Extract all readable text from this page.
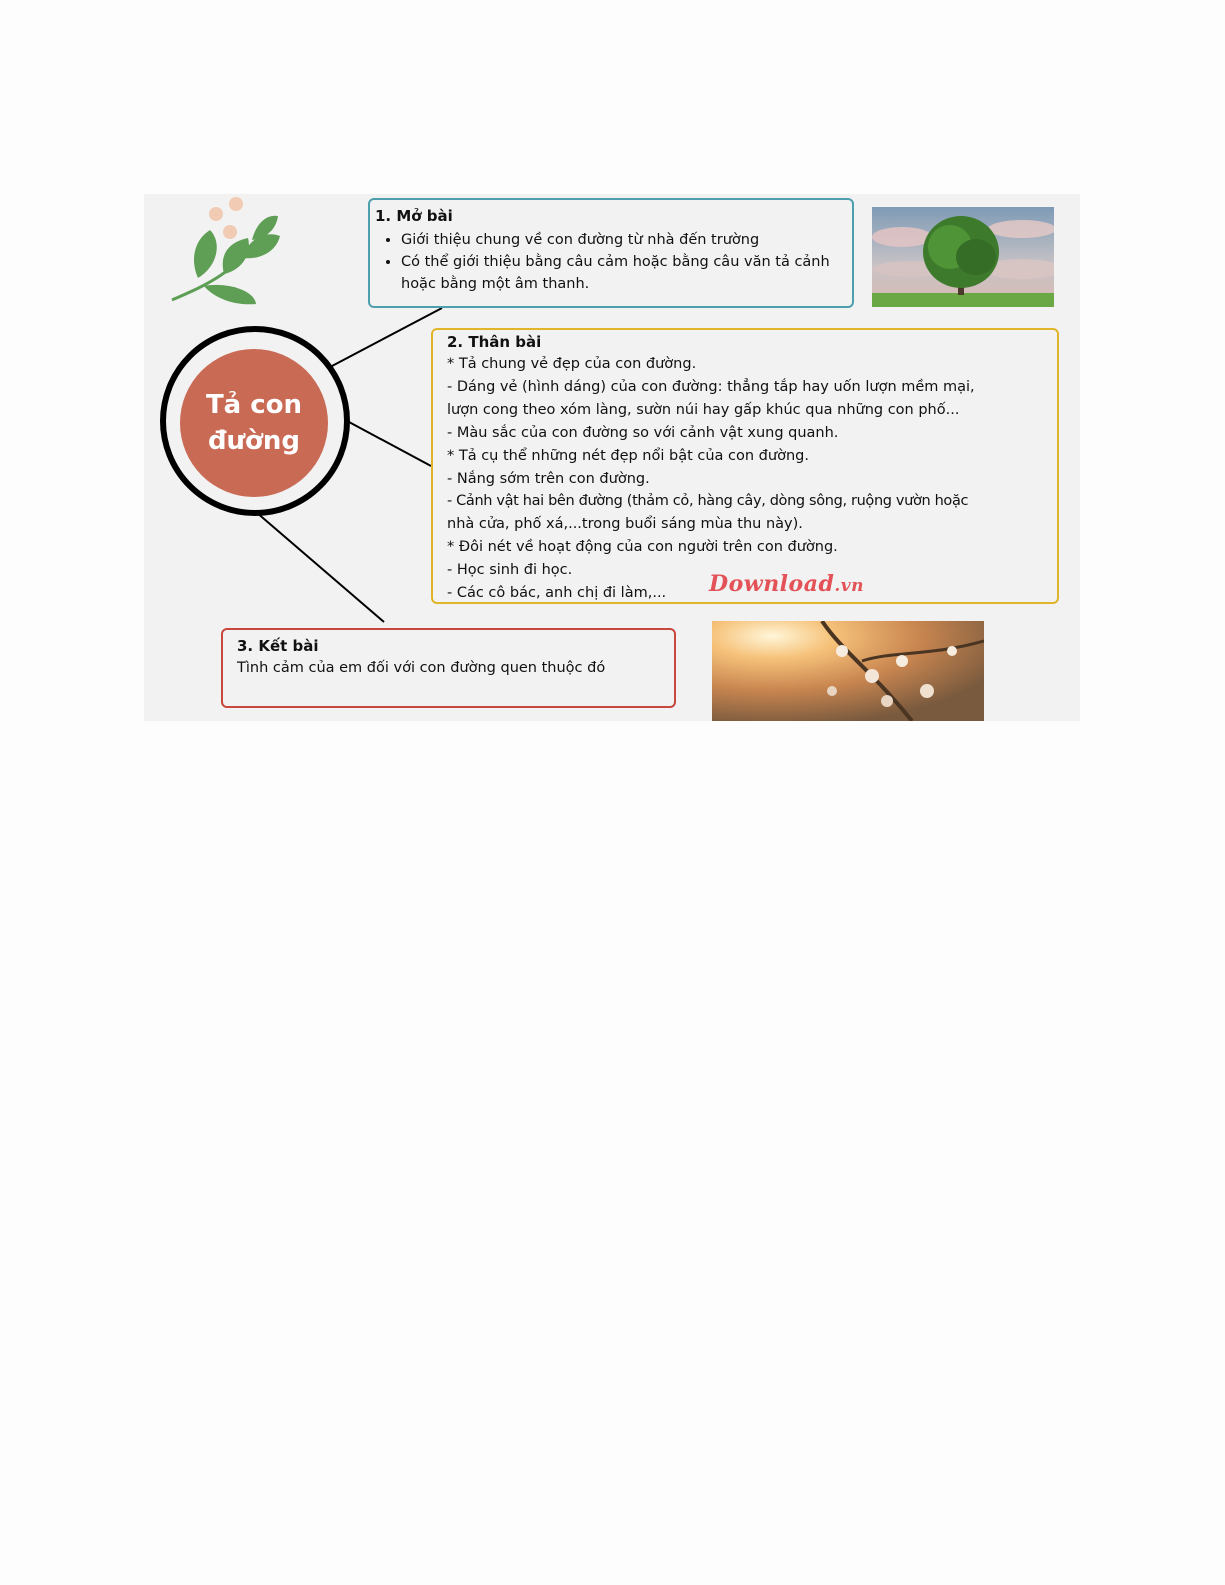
1. Mở bài
• Giới thiệu chung về con đường từ nhà đến trường
• Có thể giới thiệu bằng câu cảm hoặc bằng câu văn tả cảnh hoặc bằng một âm thanh.
Tả con đường
2. Thân bài

* Tả chung vẻ đẹp của con đường.

- Dáng vẻ (hình dáng) của con đường: thẳng tắp hay uốn lượn mềm mại,

lượn cong theo xóm làng, sườn núi hay gấp khúc qua những con phố...

- Màu sắc của con đường so với cảnh vật xung quanh.

* Tả cụ thể những nét đẹp nổi bật của con đường.

- Nắng sớm trên con đường.

- Cảnh vật hai bên đường (thảm cỏ, hàng cây, dòng sông, ruộng vườn hoặc

nhà cửa, phố xá,...trong buổi sáng mùa thu này).

* Đôi nét về hoạt động của con người trên con đường.

- Học sinh đi học.

- Các cô bác, anh chị đi làm,...	Download.vn
3. Kết bài

Tình cảm của em đối với con đường quen thuộc đó
